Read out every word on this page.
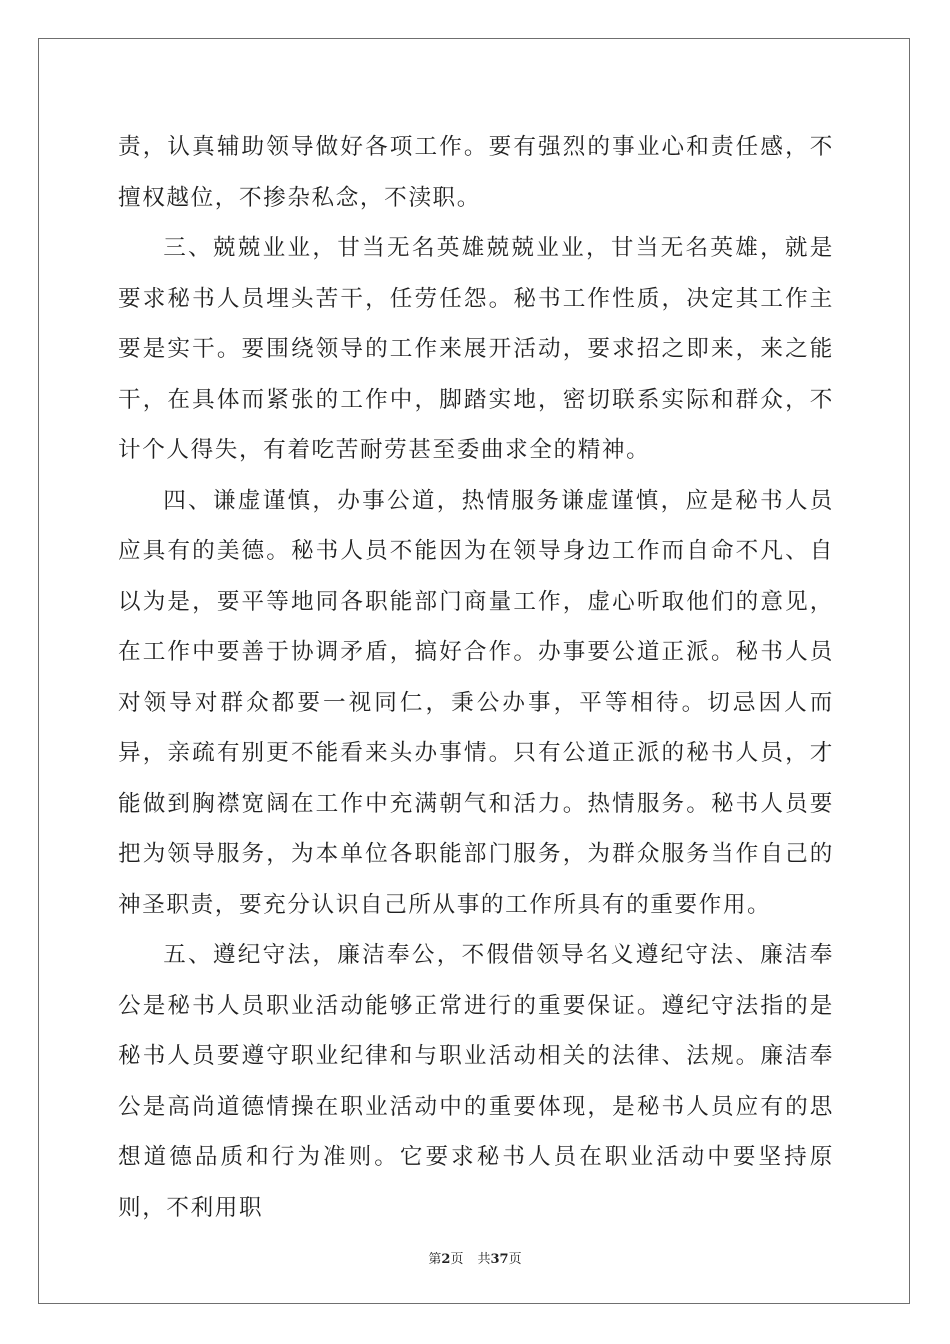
责，认真辅助领导做好各项工作。要有强烈的事业心和责任感，不擅权越位，不掺杂私念，不渎职。

三、兢兢业业，甘当无名英雄兢兢业业，甘当无名英雄，就是要求秘书人员埋头苦干，任劳任怨。秘书工作性质，决定其工作主要是实干。要围绕领导的工作来展开活动，要求招之即来，来之能干，在具体而紧张的工作中，脚踏实地，密切联系实际和群众，不计个人得失，有着吃苦耐劳甚至委曲求全的精神。

四、谦虚谨慎，办事公道，热情服务谦虚谨慎，应是秘书人员应具有的美德。秘书人员不能因为在领导身边工作而自命不凡、自以为是，要平等地同各职能部门商量工作，虚心听取他们的意见，在工作中要善于协调矛盾，搞好合作。办事要公道正派。秘书人员对领导对群众都要一视同仁，秉公办事，平等相待。切忌因人而异，亲疏有别更不能看来头办事情。只有公道正派的秘书人员，才能做到胸襟宽阔在工作中充满朝气和活力。热情服务。秘书人员要把为领导服务，为本单位各职能部门服务，为群众服务当作自己的神圣职责，要充分认识自己所从事的工作所具有的重要作用。

五、遵纪守法，廉洁奉公，不假借领导名义遵纪守法、廉洁奉公是秘书人员职业活动能够正常进行的重要保证。遵纪守法指的是秘书人员要遵守职业纪律和与职业活动相关的法律、法规。廉洁奉公是高尚道德情操在职业活动中的重要体现，是秘书人员应有的思想道德品质和行为准则。它要求秘书人员在职业活动中要坚持原则，不利用职

第2页 共37页
